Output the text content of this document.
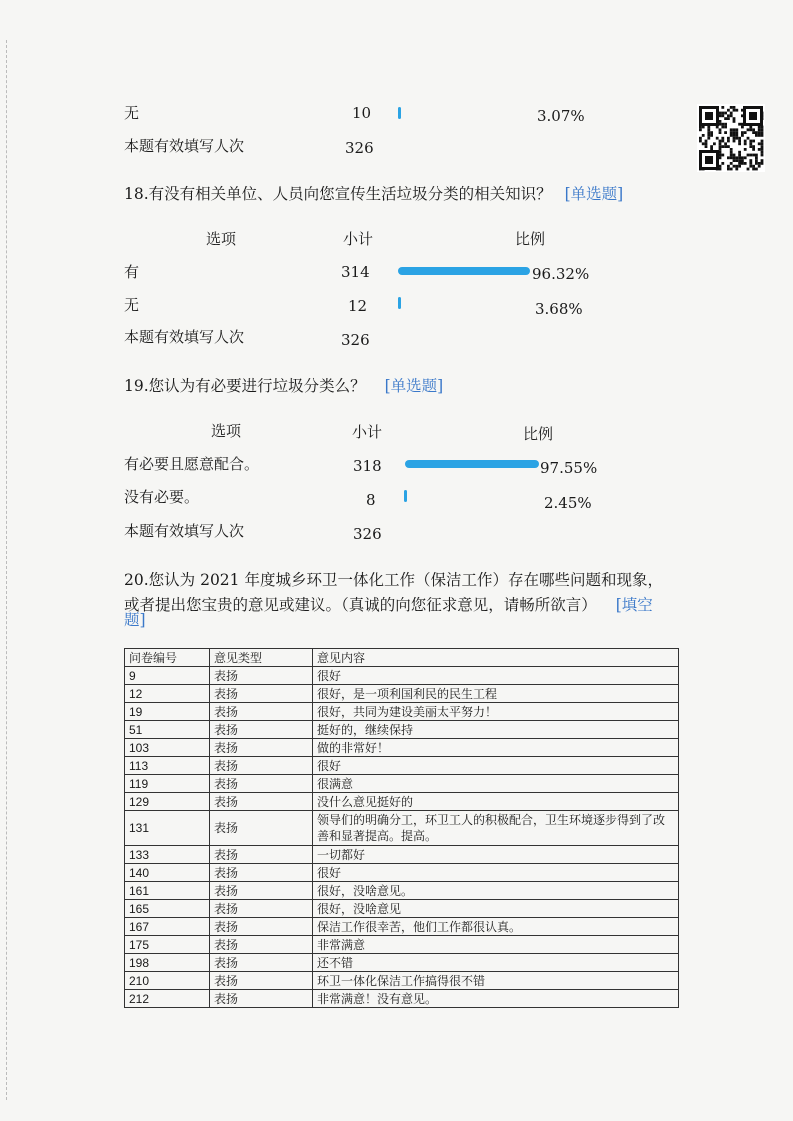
无	10	3.07%
本题有效填写人次	326
18.有没有相关单位、人员向您宣传生活垃圾分类的相关知识？ [单选题]
选项	小计	比例
有	314	96.32%
无	12	3.68%
本题有效填写人次	326
19.您认为有必要进行垃圾分类么？ [单选题]
选项	小计	比例
有必要且愿意配合。	318	97.55%
没有必要。	8	2.45%
本题有效填写人次	326
20.您认为 2021 年度城乡环卫一体化工作（保洁工作）存在哪些问题和现象，
或者提出您宝贵的意见或建议。（真诚的向您征求意见，请畅所欲言） [填空
题]
问卷编号	意见类型	意见内容
9	表扬	很好
12	表扬	很好，是一项利国利民的民生工程
19	表扬	很好，共同为建设美丽太平努力！
51	表扬	挺好的，继续保持
103	表扬	做的非常好！
113	表扬	很好
119	表扬	很满意
129	表扬	没什么意见挺好的
131	表扬	领导们的明确分工，环卫工人的积极配合，卫生环境逐步得到了改善和显著提高。提高。
133	表扬	一切都好
140	表扬	很好
161	表扬	很好，没啥意见。
165	表扬	很好，没啥意见
167	表扬	保洁工作很幸苦，他们工作都很认真。
175	表扬	非常满意
198	表扬	还不错
210	表扬	环卫一体化保洁工作搞得很不错
212	表扬	非常满意！没有意见。
